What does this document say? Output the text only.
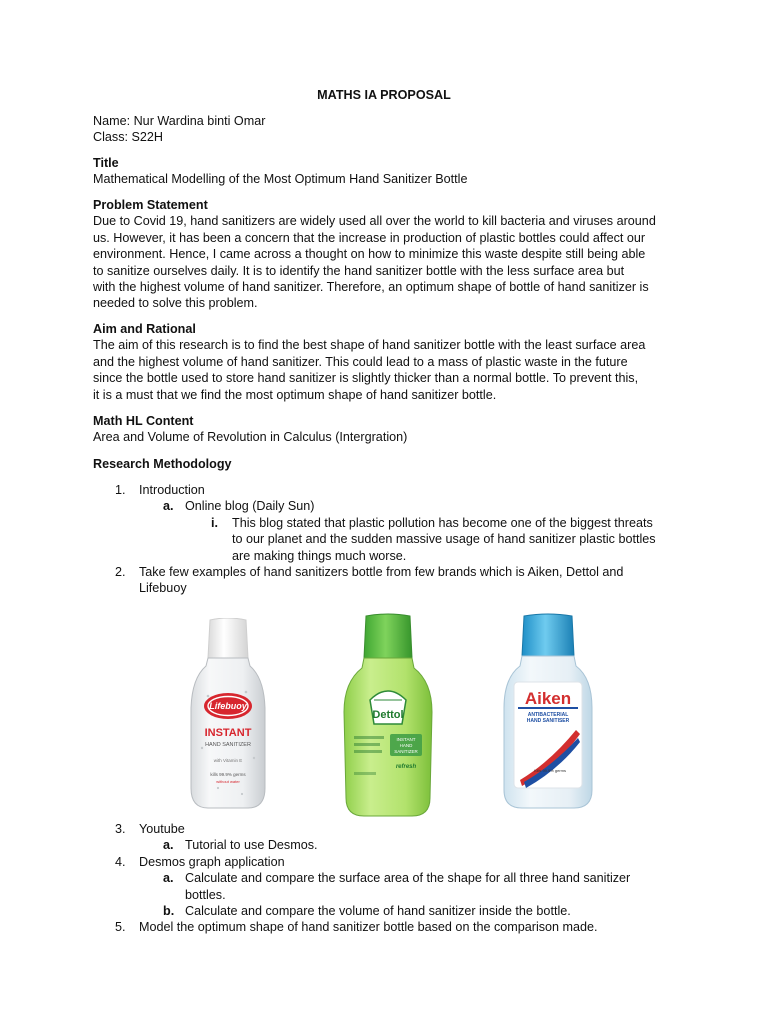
MATHS IA PROPOSAL

Name: Nur Wardina binti Omar

Class: S22H

Title

Mathematical Modelling of the Most Optimum Hand Sanitizer Bottle

Problem Statement

Due to Covid 19, hand sanitizers are widely used all over the world to kill bacteria and viruses around

us. However, it has been a concern that the increase in production of plastic bottles could affect our

environment. Hence, I came across a thought on how to minimize this waste despite still being able

to sanitize ourselves daily. It is to identify the hand sanitizer bottle with the less surface area but

with the highest volume of hand sanitizer. Therefore, an optimum shape of bottle of hand sanitizer is

needed to solve this problem.

Aim and Rational

The aim of this research is to find the best shape of hand sanitizer bottle with the least surface area

and the highest volume of hand sanitizer. This could lead to a mass of plastic waste in the future

since the bottle used to store hand sanitizer is slightly thicker than a normal bottle. To prevent this,

it is a must that we find the most optimum shape of hand sanitizer bottle.

Math HL Content

Area and Volume of Revolution in Calculus (Intergration)

Research Methodology

1.	Introduction
a. Online blog (Daily Sun)
i. This blog stated that plastic pollution has become one of the biggest threats
to our planet and the sudden massive usage of hand sanitizer plastic bottles
are making things much worse.
2.	Take few examples of hand sanitizers bottle from few brands which is Aiken, Dettol and
Lifebuoy
Lifebuoy
INSTANT
HAND SANITIZER
with Vitamin E
kills 99.9% germs
without water
Dettol
INSTANT
HAND
SANITIZER
refresh
Aiken
ANTIBACTERIAL
HAND SANITISER
Kills 99.9% germs
3.	Youtube
a. Tutorial to use Desmos.
4.	Desmos graph application
a. Calculate and compare the surface area of the shape for all three hand sanitizer
bottles.
b. Calculate and compare the volume of hand sanitizer inside the bottle.
5.	Model the optimum shape of hand sanitizer bottle based on the comparison made.
